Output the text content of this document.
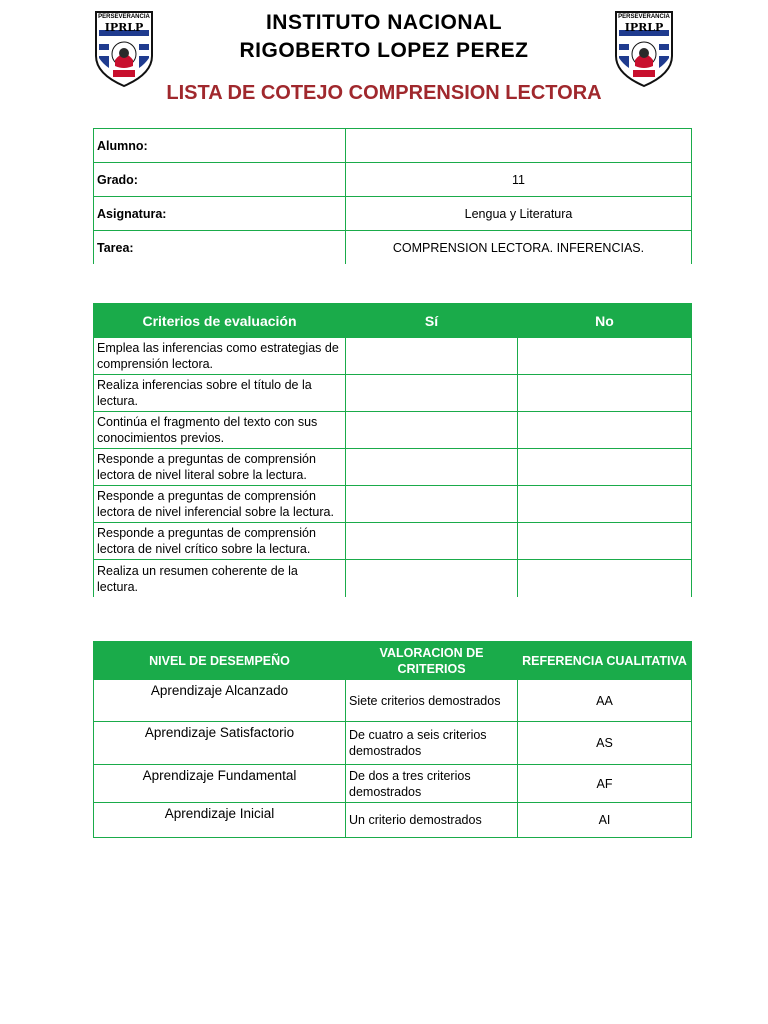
PERSEVERANCIA
IPRLP
PERSEVERANCIA
IPRLP
INSTITUTO NACIONAL
RIGOBERTO LOPEZ PEREZ
LISTA DE COTEJO COMPRENSION LECTORA
Alumno:	
Grado:	11
Asignatura:	Lengua y Literatura
Tarea:	COMPRENSION LECTORA. INFERENCIAS.
Criterios de evaluación	Sí	No
Emplea las inferencias como estrategias de comprensión lectora.		
Realiza inferencias sobre el título de la lectura.		
Continúa el fragmento del texto con sus conocimientos previos.		
Responde a preguntas de comprensión lectora de nivel literal sobre la lectura.		
Responde a preguntas de comprensión lectora de nivel inferencial sobre la lectura.		
Responde a preguntas de comprensión lectora de nivel crítico sobre la lectura.		
Realiza un resumen coherente de la lectura.		
NIVEL DE DESEMPEÑO	VALORACION DE CRITERIOS	REFERENCIA CUALITATIVA
Aprendizaje Alcanzado	Siete criterios demostrados	AA
Aprendizaje Satisfactorio	De cuatro a seis criterios demostrados	AS
Aprendizaje Fundamental	De dos a tres criterios demostrados	AF
Aprendizaje Inicial	Un criterio demostrados	AI
